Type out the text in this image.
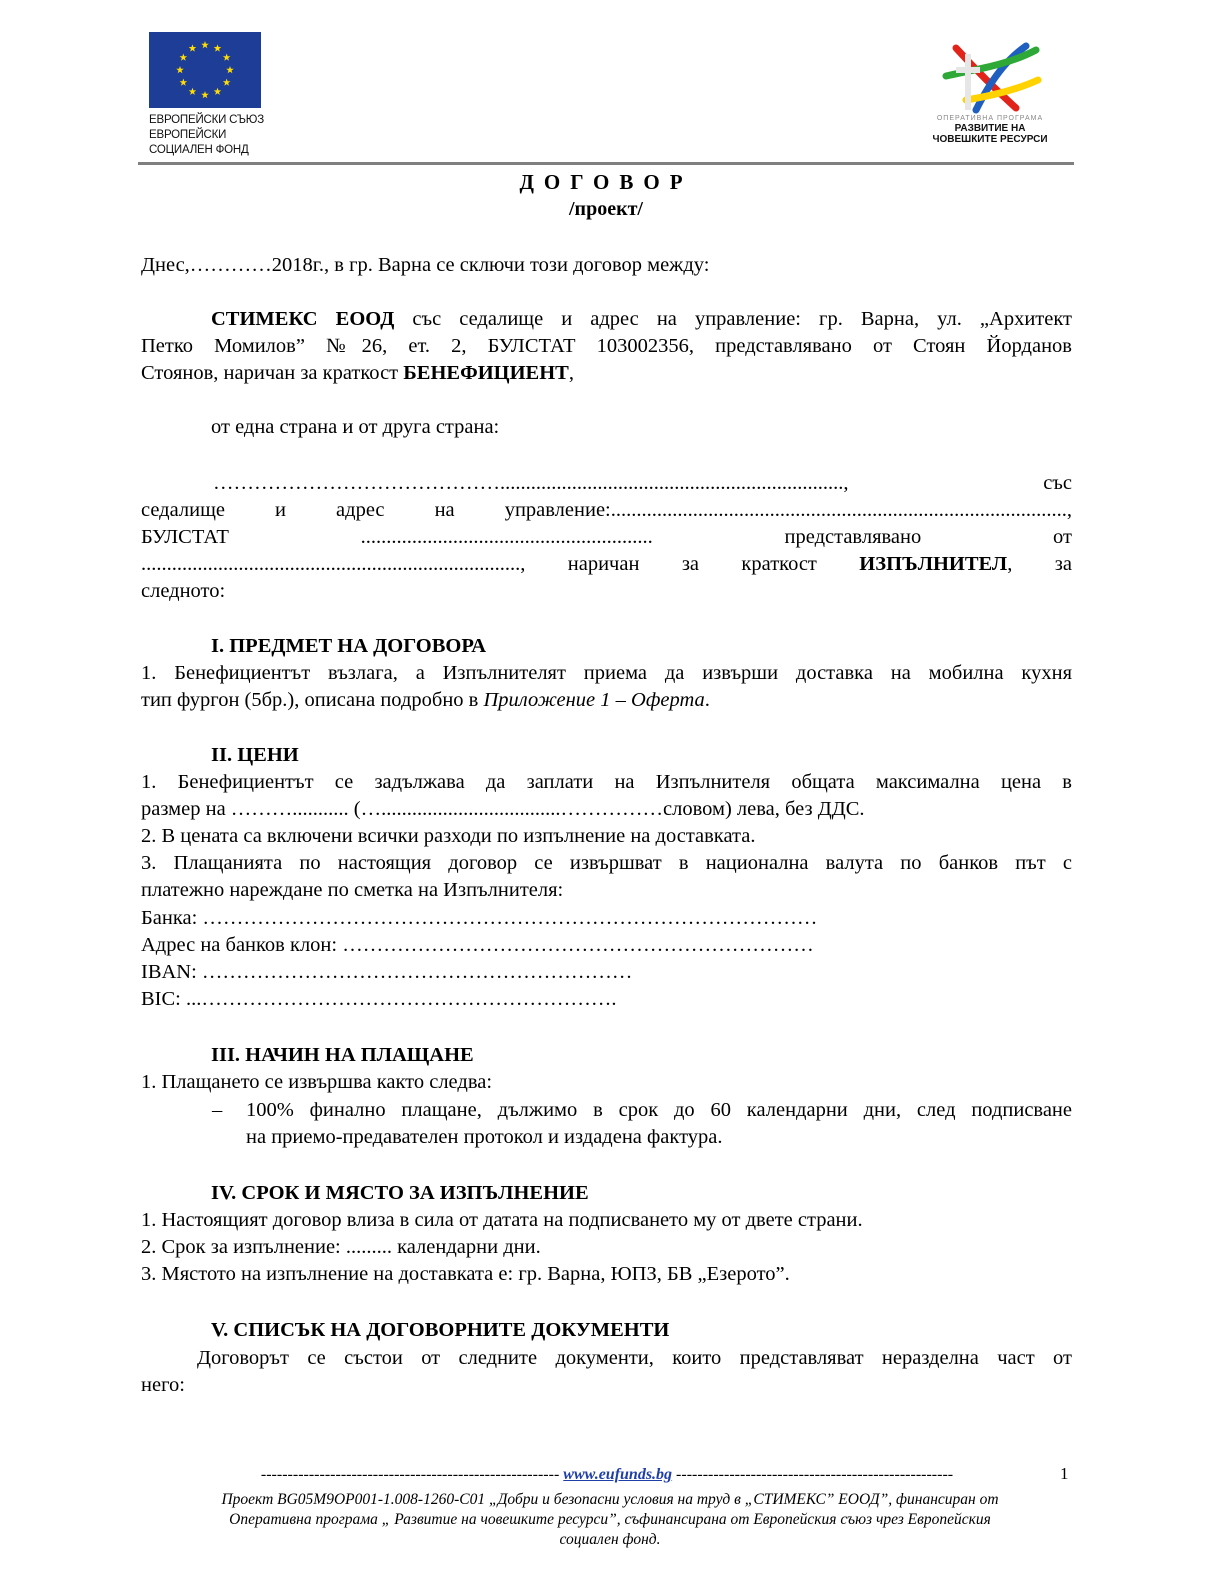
ЕВРОПЕЙСКИ СЪЮЗ
ЕВРОПЕЙСКИ
СОЦИАЛЕН ФОНД
ОПЕРАТИВНА ПРОГРАМА
РАЗВИТИЕ НА
ЧОВЕШКИТЕ РЕСУРСИ
ДОГОВОР
/проект/
Днес,…………2018г., в гр. Варна се сключи този договор между:
СТИМЕКС ЕООД със седалище и адрес на управление: гр. Варна, ул. „Архитект
Петко Момилов” №26, ет. 2, БУЛСТАТ 103002356, представлявано от Стоян Йорданов
Стоянов, наричан за краткост БЕНЕФИЦИЕНТ,
от една страна и от друга страна:
……………………………………...................................................................,	със
седалище и адрес на управление:.........................................................................................,
БУЛСТАТ	.........................................................	представлявано	от
.........................................................................., наричан за краткост ИЗПЪЛНИТЕЛ, за
следното:
І. ПРЕДМЕТ НА ДОГОВОРА
1. Бенефициентът възлага, а Изпълнителят приема да извърши доставка на мобилна кухня
тип фургон (5бр.), описана подробно в Приложение 1 – Оферта.
ІІ. ЦЕНИ
1. Бенефициентът се задължава да заплати на Изпълнителя общата максимална цена в
размер на ………........... (…...................................……………словом) лева, без ДДС.
2. В цената са включени всички разходи по изпълнение на доставката.
3. Плащанията по настоящия договор се извършват в национална валута по банков път с
платежно нареждане по сметка на Изпълнителя:
Банка: ………………………………………………………………………………
Адрес на банков клон: ……………………………………………………………
IBAN: ………………………………………………………
BIC: ...…………………………………………………….
ІІІ. НАЧИН НА ПЛАЩАНЕ
1. Плащането се извършва както следва:
– 100% финално плащане, дължимо в срок до 60 календарни дни, след подписване
на приемо-предавателен протокол и издадена фактура.
IV. СРОК И МЯСТО ЗА ИЗПЪЛНЕНИЕ
1. Настоящият договор влиза в сила от датата на подписването му от двете страни.
2. Срок за изпълнение: ......... календарни дни.
3. Мястото на изпълнение на доставката е: гр. Варна, ЮПЗ, БВ „Езерото”.
V. СПИСЪК НА ДОГОВОРНИТЕ ДОКУМЕНТИ
Договорът се състои от следните документи, които представляват неразделна част от
него:
-------------------------------------------------------- www.eufunds.bg ----------------------------------------------------	1
Проект BG05M9OP001-1.008-1260-C01 „Добри и безопасни условия на труд в „СТИМЕКС” ЕООД”, финансиран от
Оперативна програма „ Развитие на човешките ресурси”, съфинансирана от Европейския съюз чрез Европейския
социален фонд.
